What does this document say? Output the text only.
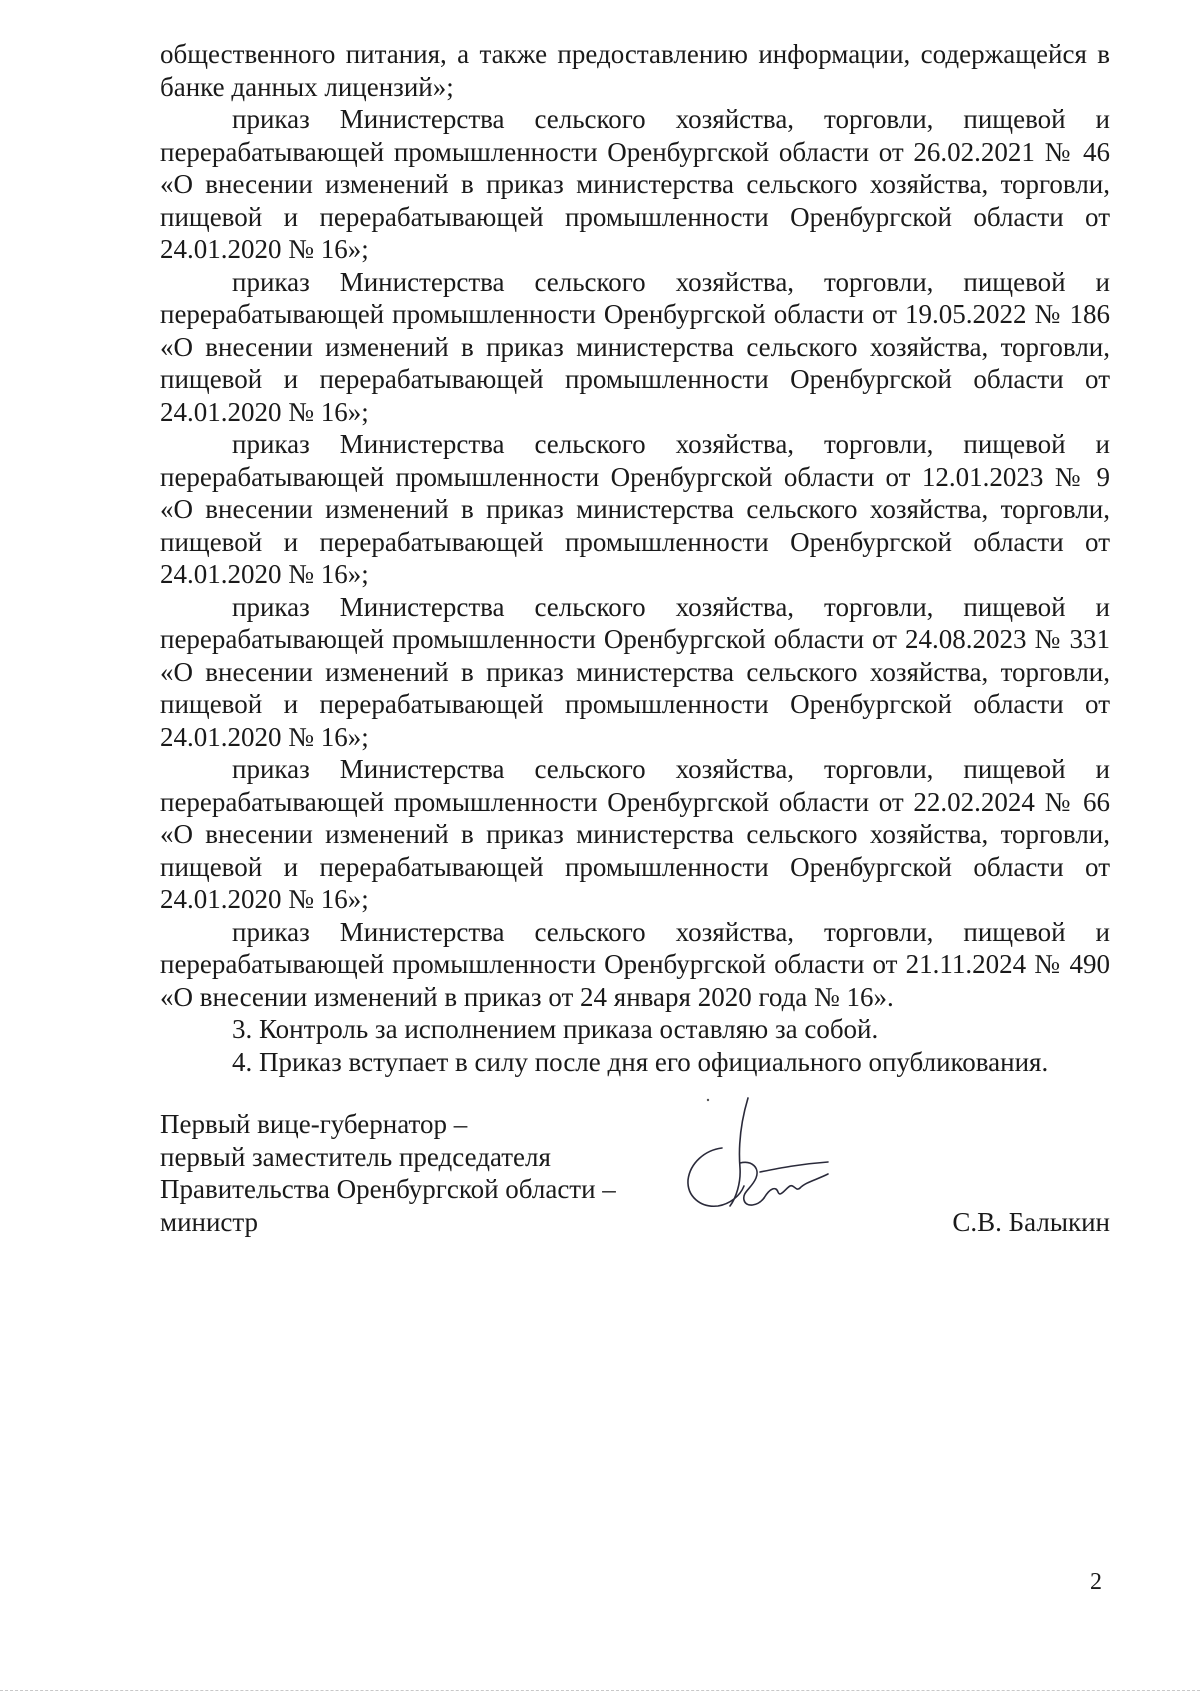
общественного питания, а также предоставлению информации, содержащейся в банке данных лицензий»;

приказ Министерства сельского хозяйства, торговли, пищевой и перерабатывающей промышленности Оренбургской области от 26.02.2021 № 46 «О внесении изменений в приказ министерства сельского хозяйства, торговли, пищевой и перерабатывающей промышленности Оренбургской области от 24.01.2020 № 16»;

приказ Министерства сельского хозяйства, торговли, пищевой и перерабатывающей промышленности Оренбургской области от 19.05.2022 № 186 «О внесении изменений в приказ министерства сельского хозяйства, торговли, пищевой и перерабатывающей промышленности Оренбургской области от 24.01.2020 № 16»;

приказ Министерства сельского хозяйства, торговли, пищевой и перерабатывающей промышленности Оренбургской области от 12.01.2023 № 9 «О внесении изменений в приказ министерства сельского хозяйства, торговли, пищевой и перерабатывающей промышленности Оренбургской области от 24.01.2020 № 16»;

приказ Министерства сельского хозяйства, торговли, пищевой и перерабатывающей промышленности Оренбургской области от 24.08.2023 № 331 «О внесении изменений в приказ министерства сельского хозяйства, торговли, пищевой и перерабатывающей промышленности Оренбургской области от 24.01.2020 № 16»;

приказ Министерства сельского хозяйства, торговли, пищевой и перерабатывающей промышленности Оренбургской области от 22.02.2024 № 66 «О внесении изменений в приказ министерства сельского хозяйства, торговли, пищевой и перерабатывающей промышленности Оренбургской области от 24.01.2020 № 16»;

приказ Министерства сельского хозяйства, торговли, пищевой и перерабатывающей промышленности Оренбургской области от 21.11.2024 № 490 «О внесении изменений в приказ от 24 января 2020 года № 16».

3. Контроль за исполнением приказа оставляю за собой.

4. Приказ вступает в силу после дня его официального опубликования.

Первый вице-губернатор –
первый заместитель председателя
Правительства Оренбургской области –
министр	С.В. Балыкин
2
